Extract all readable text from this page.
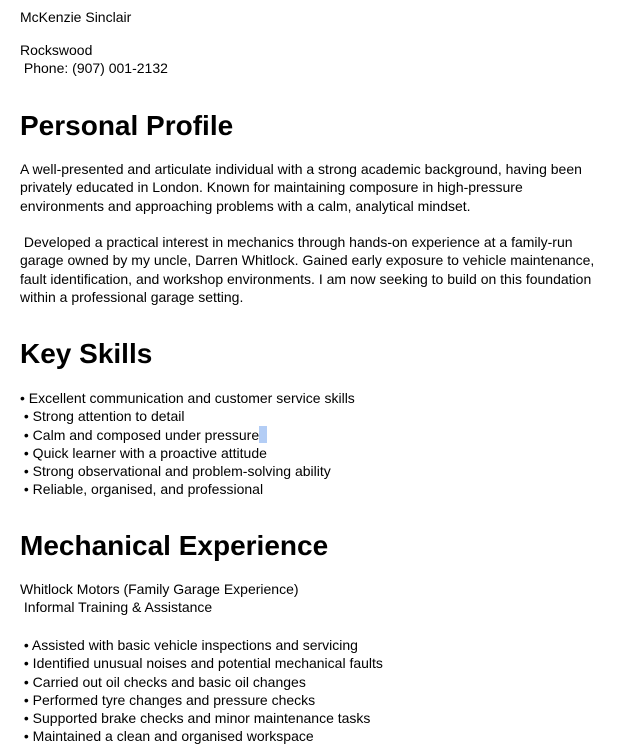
McKenzie Sinclair

Rockswood

Phone: (907) 001-2132

Personal Profile

A well-presented and articulate individual with a strong academic background, having been privately educated in London. Known for maintaining composure in high-pressure environments and approaching problems with a calm, analytical mindset.

Developed a practical interest in mechanics through hands-on experience at a family-run garage owned by my uncle, Darren Whitlock. Gained early exposure to vehicle maintenance, fault identification, and workshop environments. I am now seeking to build on this foundation within a professional garage setting.

Key Skills

• Excellent communication and customer service skills

• Strong attention to detail

• Calm and composed under pressure

• Quick learner with a proactive attitude

• Strong observational and problem-solving ability

• Reliable, organised, and professional

Mechanical Experience

Whitlock Motors (Family Garage Experience)

Informal Training & Assistance

• Assisted with basic vehicle inspections and servicing

• Identified unusual noises and potential mechanical faults

• Carried out oil checks and basic oil changes

• Performed tyre changes and pressure checks

• Supported brake checks and minor maintenance tasks

• Maintained a clean and organised workspace
